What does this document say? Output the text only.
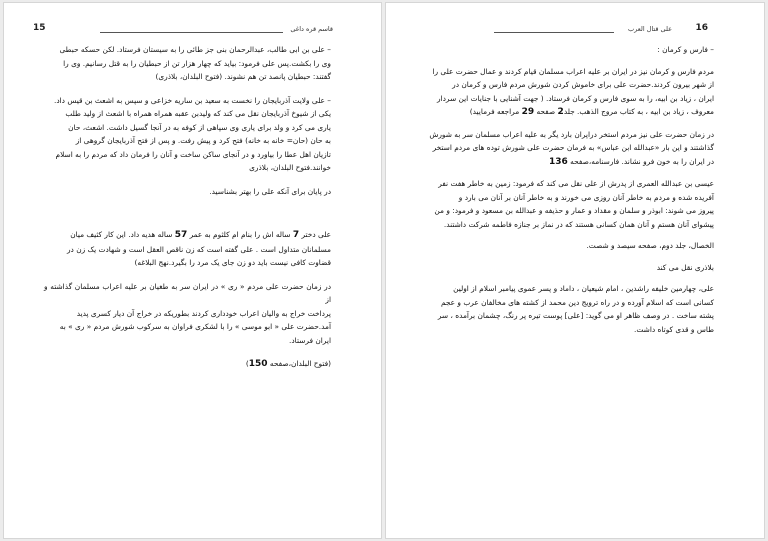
15	قاسم قره داغی
– علی بن ابی طالب، عبدالرحمان بنی جز طائی را به سیستان فرستاد. لکن حسکه حبطی
وی را بکشت.پس علی فرمود: بیاید که چهار هزار تن از حبطیان را به قتل رسانیم. وی را
گفتند: حبطیان پانصد تن هم نشوند. (فتوح البلدان، بلاذری)
– علی ولایت آذربایجان را نخست به سعید بن ساریه خزاعی و سپس به اشعث بن قیس داد.
یکی از شیوخ آذربایجان نقل می کند که ولیدبن عقبه همراه همراه با اشعث از ولید طلب
یاری می کرد و ولد برای یاری وی سپاهی از کوفه به در آنجا گسیل داشت. اشعث، حان
به حان (حان= خانه به خانه) فتح کرد و پیش رفت. و پس از فتح آذربایجان گروهی از
تازیان اهل عطا را بیاورد و در آنجای ساکن ساخت و آنان را فرمان داد که مردم را به اسلام
خوانند.فتوح البلدان، بلاذری
در پایان برای آنکه علی را بهتر بشناسید.
علی دختر 7 ساله اش را بنام ام کلثوم به عمر 57 ساله هدیه داد. این کار کثیف میان
مسلمانان متداول است . علی گفته است که زن ناقص العقل است و شهادت یک زن در
قضاوت کافی نیست باید دو زن جای یک مرد را بگیرد.نهج البلاغه)
در زمان حضرت علی مردم « ری » در ایران سر به طغیان بر علیه اعراب مسلمان گذاشته و از
پرداخت خراج به والیان اعراب خودداری کردند بطوریکه در خراج آن دیار کسری پدید
آمد.حضرت علی « ابو موسی » را با لشکری فراوان به سرکوب شورش مردم « ری » به
ایران فرستاد.
(فتوح البلدان،صفحه 150)
16
علی قتال العرب
– فارس و کرمان :
مردم فارس و کرمان نیز در ایران بر علیه اعراب مسلمان قیام کردند و عمال حضرت علی را
از شهر بیرون کردند.حضرت علی برای خاموش کردن شورش مردم فارس و کرمان در
ایران ، زیاد بن ابیه، را به سوی فارس و کرمان فرستاد. ( جهت آشنایی با جنایات این سردار
معروف ، زیاد بن ابیه ، به کتاب مروج الذهب. جلد2 صفحه 29 مراجعه فرمایید)
در زمان حضرت علی نیز مردم استخر دراپران بارد یگر به علیه اعراب مسلمان سر به شورش
گذاشتند و این بار «عبدالله ابن عباس» به فرمان حضرت علی شورش توده های مردم استخر
در ایران را به خون فرو نشاند. فارسنامه،صفحه 136
عیسی بن عبدالله العمری از پدرش از علی نقل می کند که فرمود: زمین به خاطر هفت نفر
آفریده شده و مردم به خاطر آنان روزی می خورند و به خاطر آنان بر آنان می بارد و
پیروز می شوند: ابوذر و سلمان و مقداد و عمار و حذیفه و عبدالله بن مسعود و فرمود: و من
پیشوای آنان هستم و آنان همان کسانی هستند که در نماز بر جنازه فاطمه شرکت داشتند.
الخصال، جلد دوم، صفحه سیصد و شصت.
بلاذری نقل می کند
علی، چهارمین خلیفه راشدین ، امام شیعیان ، داماد و پسر عموی پیامبر اسلام از اولین
کسانی است که اسلام آورده و در راه ترویج دین محمد از کشته های مخالفان عرب و عجم
پشته ساخت . در وصف ظاهر او می گوید: [علی] پوست تیره پر رنگ، چشمان برآمده ، سر
طاس و قدی کوتاه داشت.
